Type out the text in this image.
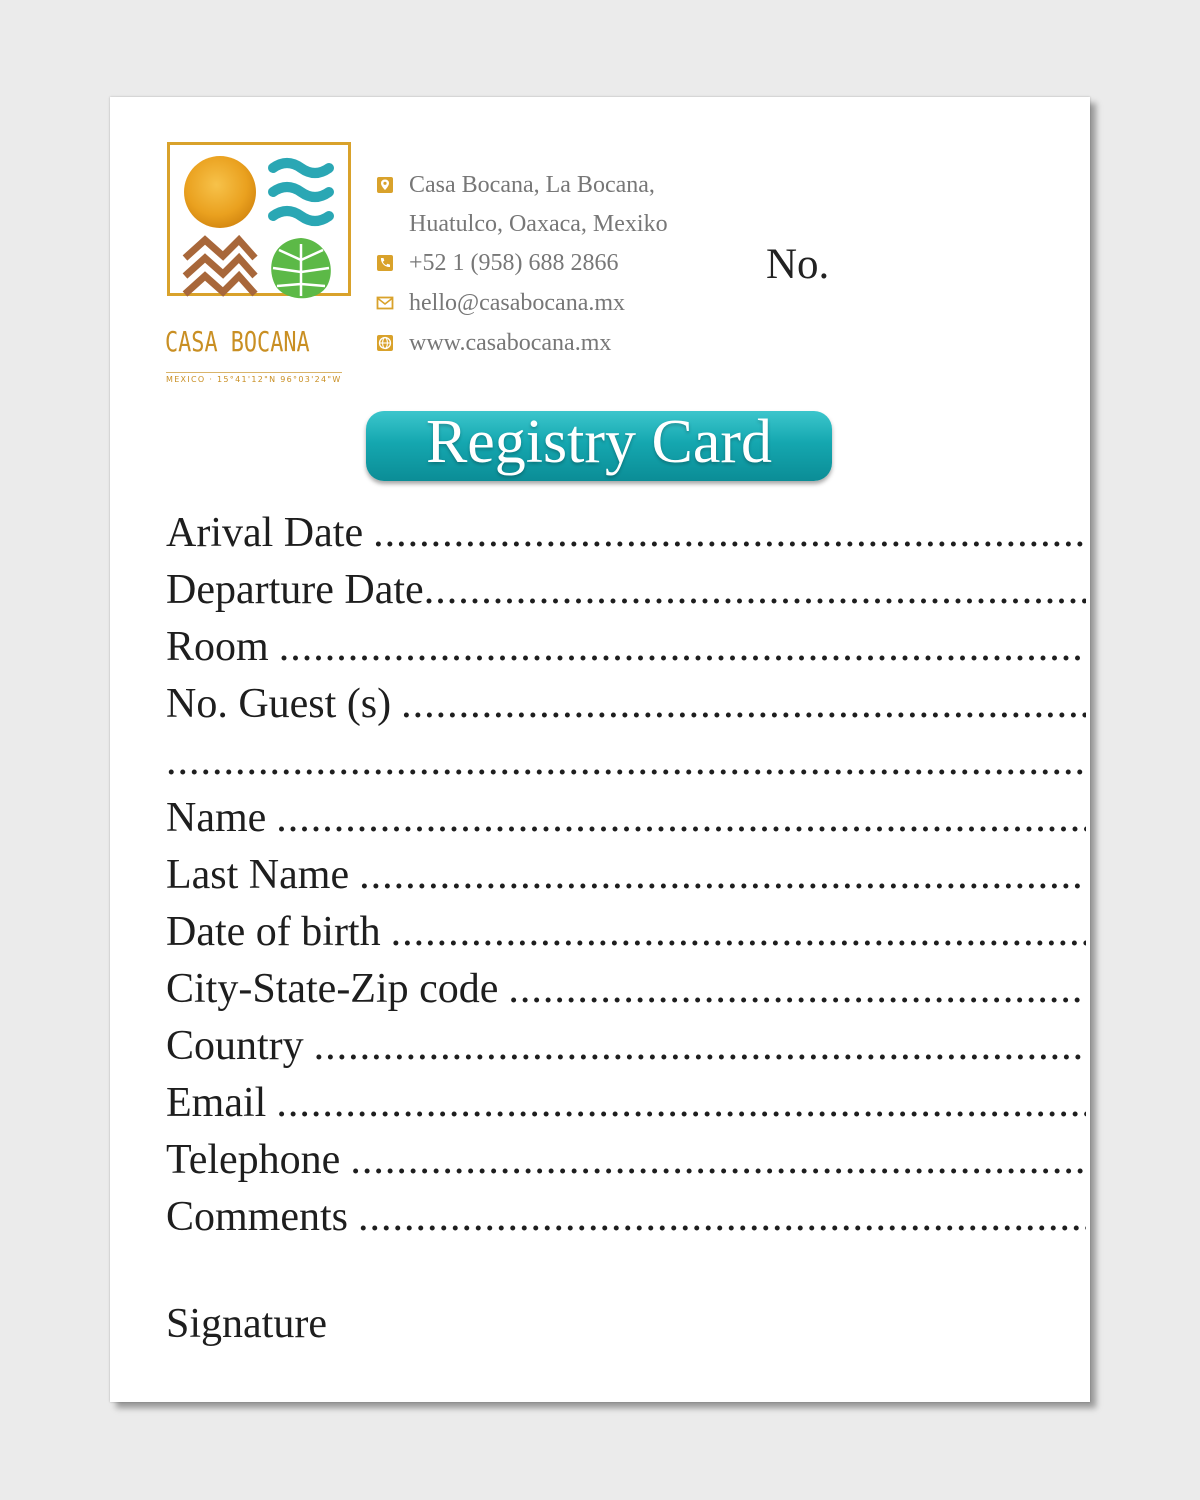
CASA BOCANA
MEXICO · 15°41'12"N 96°03'24"W
Casa Bocana, La Bocana,
Huatulco, Oaxaca, Mexiko
+52 1 (958) 688 2866
hello@casabocana.mx
www.casabocana.mx
No.
Registry Card
Arival Date
.....
Departure Date
.....
Room
.....
No. Guest (s)
.....
.....
Name
.....
Last Name
.....
Date of birth
.....
City-State-Zip code
.....
Country
.....
Email
.....
Telephone
.....
Comments
.....
Signature
